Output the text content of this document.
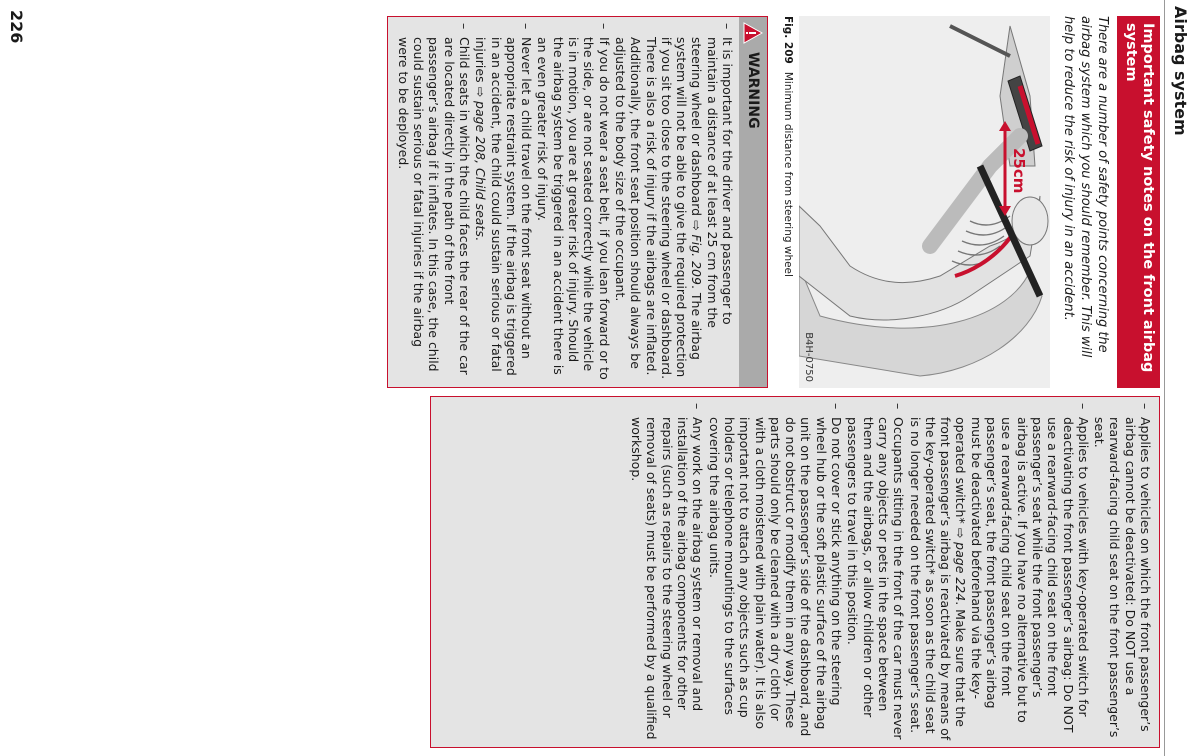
Airbag system
Important safety notes on the front airbag system

There are a number of safety points concerning the airbag system which you should remember. This will help to reduce the risk of injury in an accident.

25cm
B4H-0750
Fig. 209Minimum distance from steering wheel
WARNING
– It is important for the driver and passenger to maintain a distance of at least 25 cm from the steering wheel or dashboard ⇨ Fig. 209. The airbag system will not be able to give the required protection if you sit too close to the steering wheel or dashboard. There is also a risk of injury if the airbags are inflated. Additionally, the front seat position should always be adjusted to the body size of the occupant.
– If you do not wear a seat belt, if you lean forward or to the side, or are not seated correctly while the vehicle is in motion, you are at greater risk of injury. Should the airbag system be triggered in an accident there is an even greater risk of injury.
– Never let a child travel on the front seat without an appropriate restraint system. If the airbag is triggered in an accident, the child could sustain serious or fatal injuries ⇨ page 208, Child seats.
– Child seats in which the child faces the rear of the car are located directly in the path of the front passenger’s airbag if it inflates. In this case, the child could sustain serious or fatal injuries if the airbag were to be deployed.
– Applies to vehicles on which the front passenger’s airbag cannot be deactivated: Do NOT use a rearward-facing child seat on the front passenger’s seat.
– Applies to vehicles with key-operated switch for deactivating the front passenger’s airbag: Do NOT use a rearward-facing child seat on the front passenger’s seat while the front passenger’s airbag is active. If you have no alternative but to use a rearward-facing child seat on the front passenger’s seat, the front passenger’s airbag must be deactivated beforehand via the key-operated switch* ⇨ page 224. Make sure that the front passenger’s airbag is reactivated by means of the key-operated switch* as soon as the child seat is no longer needed on the front passenger’s seat.
– Occupants sitting in the front of the car must never carry any objects or pets in the space between them and the airbags, or allow children or other passengers to travel in this position.
– Do not cover or stick anything on the steering wheel hub or the soft plastic surface of the airbag unit on the passenger’s side of the dashboard, and do not obstruct or modify them in any way. These parts should only be cleaned with a dry cloth (or with a cloth moistened with plain water). It is also important not to attach any objects such as cup holders or telephone mountings to the surfaces covering the airbag units.
– Any work on the airbag system or removal and installation of the airbag components for other repairs (such as repairs to the steering wheel or removal of seats) must be performed by a qualified workshop.
226
